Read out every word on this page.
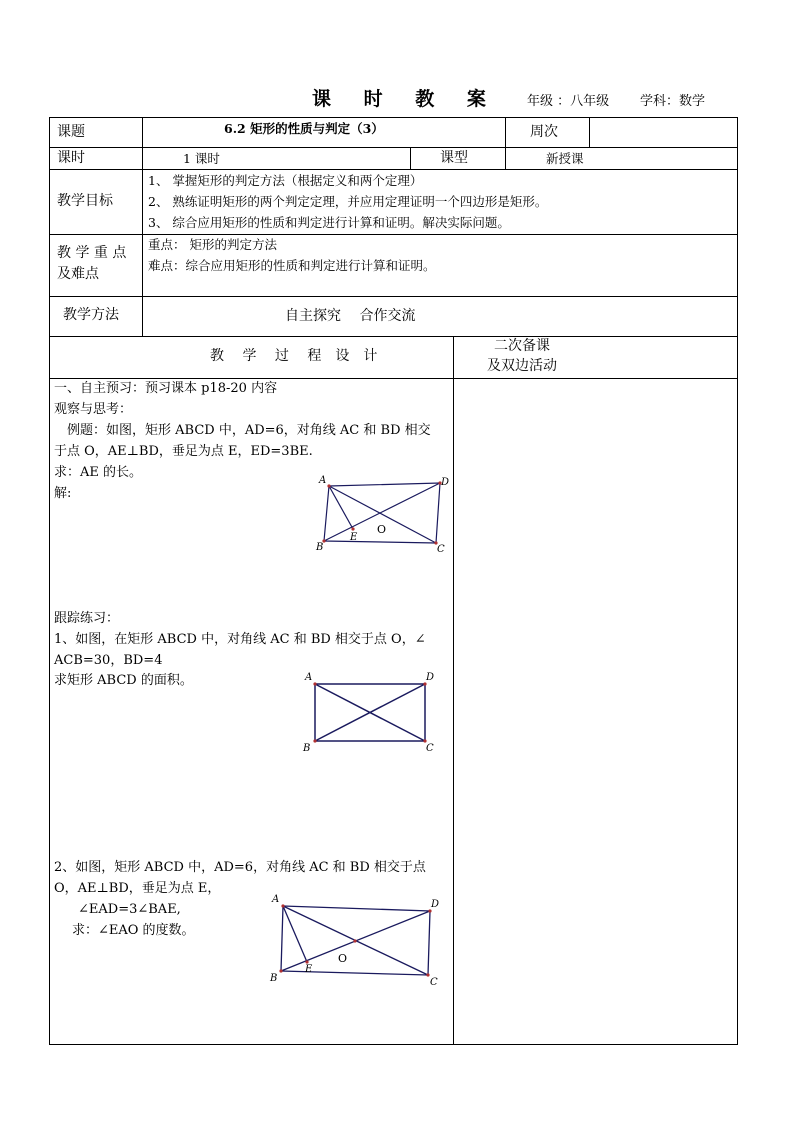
课 时 教 案 年级 ：八年级 学科：数学
课题	6.2 矩形的性质与判定（3）	周次
课时	1 课时	课型	新授课
教学目标
1、 掌握矩形的判定方法（根据定义和两个定理）
2、 熟练证明矩形的两个判定定理，并应用定理证明一个四边形是矩形。
3、 综合应用矩形的性质和判定进行计算和证明。解决实际问题。
教 学 重 点
及难点
重点： 矩形的判定方法
难点：综合应用矩形的性质和判定进行计算和证明。
教学方法	自主探究　 合作交流
教　 学　 过　 程　设　计
二次备课
及双边活动
一、自主预习：预习课本 p18-20 内容
观察与思考：
　例题：如图，矩形 ABCD 中，AD=6，对角线 AC 和 BD 相交
于点 O，AE⊥BD，垂足为点 E，ED=3BE.
求：AE 的长。
解:
A	D
B	C
E
O
跟踪练习：
1、如图，在矩形 ABCD 中，对角线 AC 和 BD 相交于点 O，∠
ACB=30，BD=4
求矩形 ABCD 的面积。	A	D
B	C
2、如图，矩形 ABCD 中，AD=6，对角线 AC 和 BD 相交于点
O，AE⊥BD，垂足为点 E，
∠EAD=3∠BAE,
求：∠EAO 的度数。
A	D
B	C
E
O
